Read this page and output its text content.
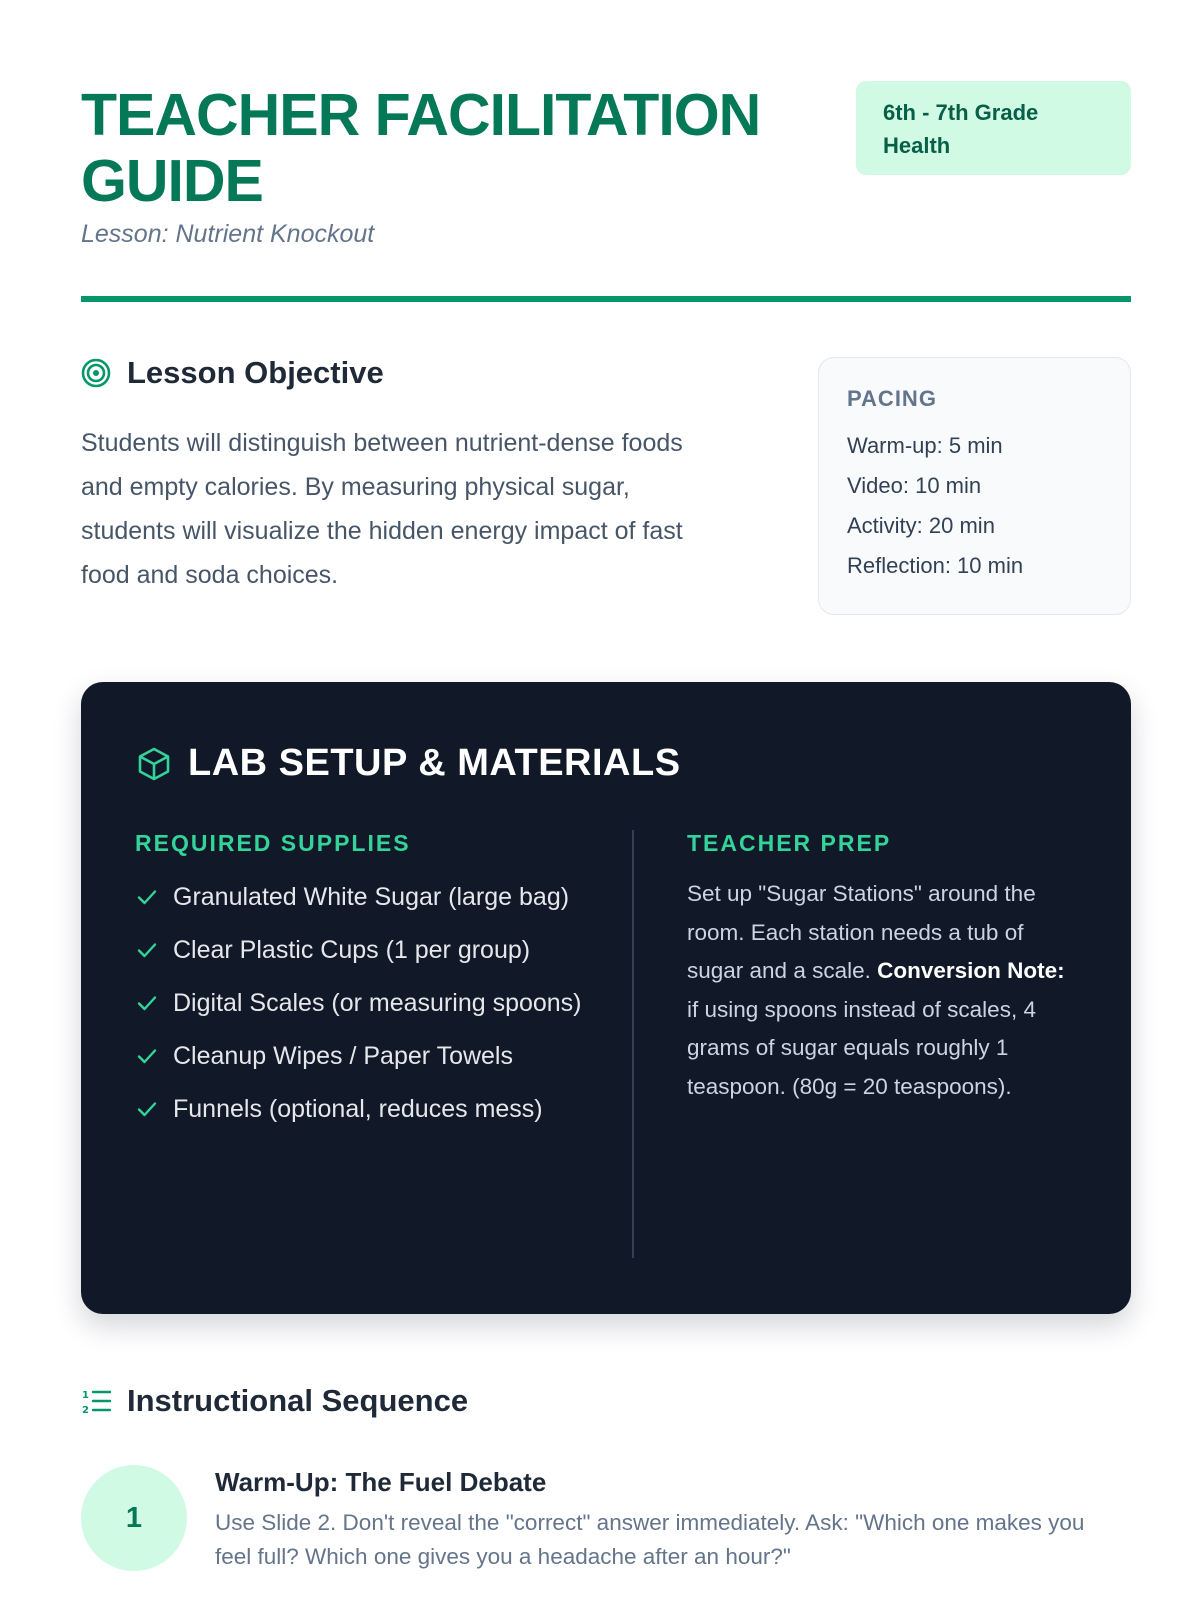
TEACHER FACILITATION GUIDE
Lesson: Nutrient Knockout
6th - 7th Grade Health
Lesson Objective

Students will distinguish between nutrient-dense foods and empty calories. By measuring physical sugar, students will visualize the hidden energy impact of fast food and soda choices.

PACING
Warm-up: 5 min
Video: 10 min
Activity: 20 min
Reflection: 10 min
LAB SETUP & MATERIALS
REQUIRED SUPPLIES
Granulated White Sugar (large bag)
Clear Plastic Cups (1 per group)
Digital Scales (or measuring spoons)
Cleanup Wipes / Paper Towels
Funnels (optional, reduces mess)
TEACHER PREP

Set up "Sugar Stations" around the room. Each station needs a tub of sugar and a scale. Conversion Note: if using spoons instead of scales, 4 grams of sugar equals roughly 1 teaspoon. (80g = 20 teaspoons).

1
2 Instructional Sequence
1
Warm-Up: The Fuel Debate
Use Slide 2. Don't reveal the "correct" answer immediately. Ask: "Which one makes you feel full? Which one gives you a headache after an hour?"
